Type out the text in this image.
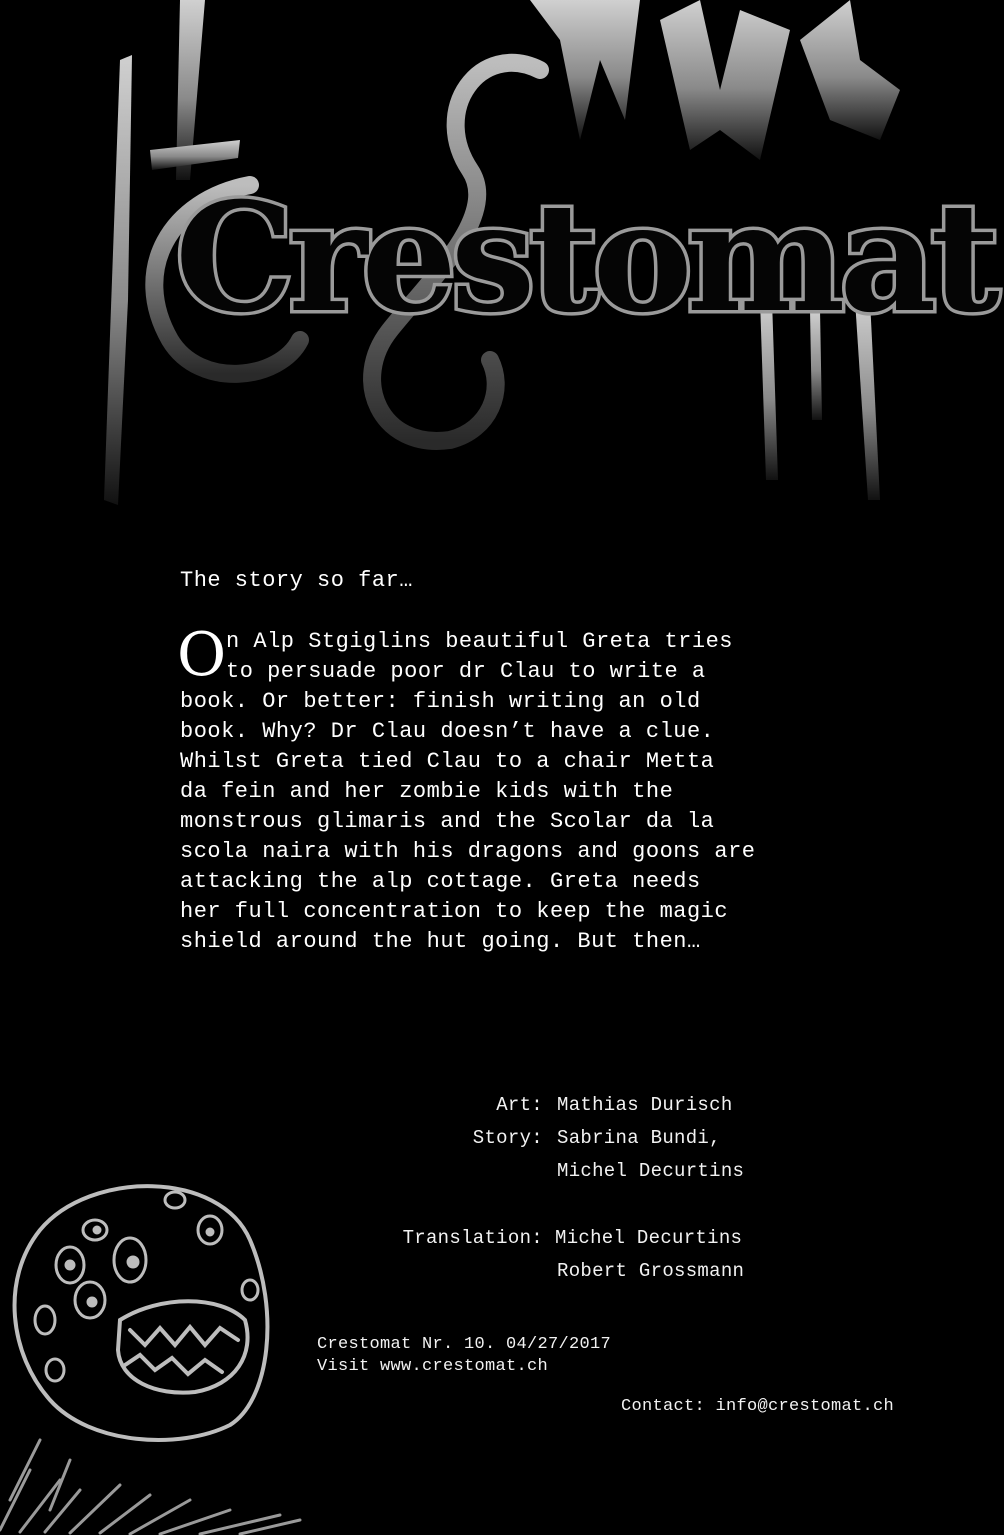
Crestomat
The story so far…
O n Alp Stgiglins beautiful Greta tries
to persuade poor dr Clau to write a
book. Or better: finish writing an old
book. Why? Dr Clau doesn’t have a clue.
Whilst Greta tied Clau to a chair Metta
da fein and her zombie kids with the
monstrous glimaris and the Scolar da la
scola naira with his dragons and goons are
attacking the alp cottage. Greta needs
her full concentration to keep the magic
shield around the hut going. But then…
Art: Mathias Durisch
Story: Sabrina Bundi,
Michel Decurtins
Translation: Michel Decurtins
Robert Grossmann
Crestomat Nr. 10. 04/27/2017
Visit www.crestomat.ch
Contact: info@crestomat.ch
